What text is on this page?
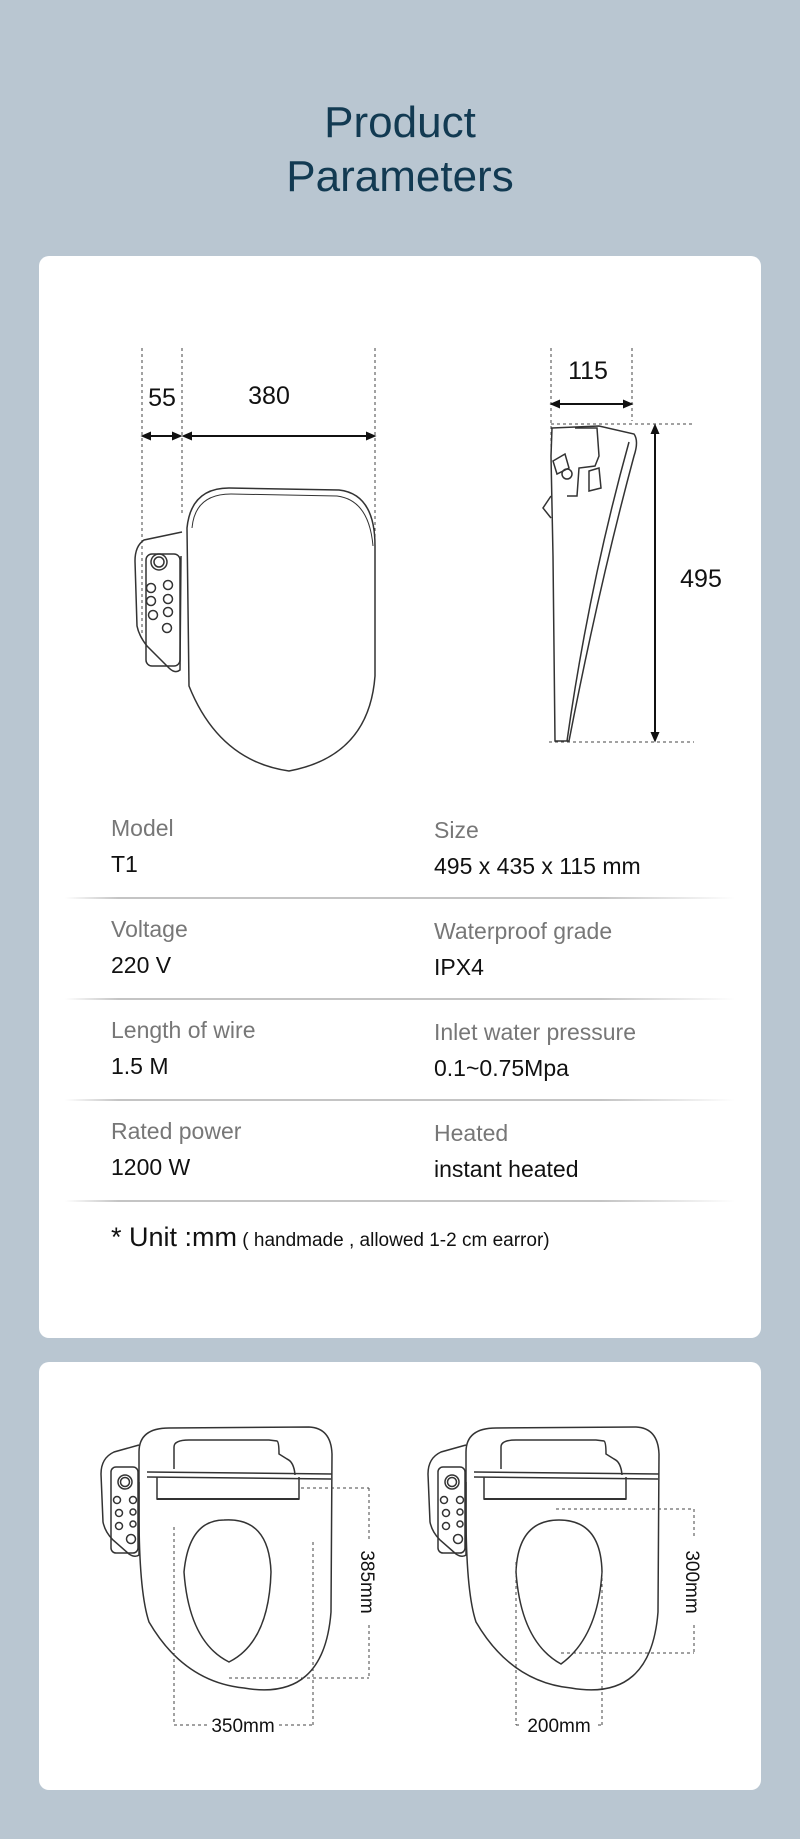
Product
Parameters
55	380
115
495
Model
T1
Size
495 x 435 x 115 mm
Voltage
220 V
Waterproof grade
IPX4
Length of wire
1.5 M
Inlet water pressure
0.1~0.75Mpa
Rated power
1200 W
Heated
instant heated
* Unit :mm ( handmade , allowed 1-2 cm earror)
385mm
350mm
300mm
200mm
